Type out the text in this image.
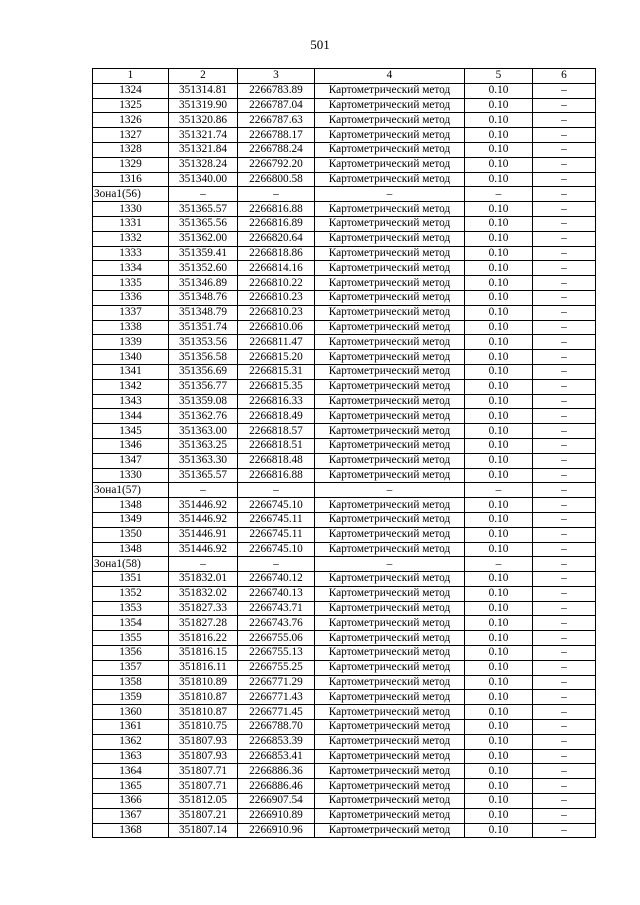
501
1	2	3	4	5	6
1324	351314.81	2266783.89	Картометрический метод	0.10	–
1325	351319.90	2266787.04	Картометрический метод	0.10	–
1326	351320.86	2266787.63	Картометрический метод	0.10	–
1327	351321.74	2266788.17	Картометрический метод	0.10	–
1328	351321.84	2266788.24	Картометрический метод	0.10	–
1329	351328.24	2266792.20	Картометрический метод	0.10	–
1316	351340.00	2266800.58	Картометрический метод	0.10	–
Зона1(56)	–	–	–	–	–
1330	351365.57	2266816.88	Картометрический метод	0.10	–
1331	351365.56	2266816.89	Картометрический метод	0.10	–
1332	351362.00	2266820.64	Картометрический метод	0.10	–
1333	351359.41	2266818.86	Картометрический метод	0.10	–
1334	351352.60	2266814.16	Картометрический метод	0.10	–
1335	351346.89	2266810.22	Картометрический метод	0.10	–
1336	351348.76	2266810.23	Картометрический метод	0.10	–
1337	351348.79	2266810.23	Картометрический метод	0.10	–
1338	351351.74	2266810.06	Картометрический метод	0.10	–
1339	351353.56	2266811.47	Картометрический метод	0.10	–
1340	351356.58	2266815.20	Картометрический метод	0.10	–
1341	351356.69	2266815.31	Картометрический метод	0.10	–
1342	351356.77	2266815.35	Картометрический метод	0.10	–
1343	351359.08	2266816.33	Картометрический метод	0.10	–
1344	351362.76	2266818.49	Картометрический метод	0.10	–
1345	351363.00	2266818.57	Картометрический метод	0.10	–
1346	351363.25	2266818.51	Картометрический метод	0.10	–
1347	351363.30	2266818.48	Картометрический метод	0.10	–
1330	351365.57	2266816.88	Картометрический метод	0.10	–
Зона1(57)	–	–	–	–	–
1348	351446.92	2266745.10	Картометрический метод	0.10	–
1349	351446.92	2266745.11	Картометрический метод	0.10	–
1350	351446.91	2266745.11	Картометрический метод	0.10	–
1348	351446.92	2266745.10	Картометрический метод	0.10	–
Зона1(58)	–	–	–	–	–
1351	351832.01	2266740.12	Картометрический метод	0.10	–
1352	351832.02	2266740.13	Картометрический метод	0.10	–
1353	351827.33	2266743.71	Картометрический метод	0.10	–
1354	351827.28	2266743.76	Картометрический метод	0.10	–
1355	351816.22	2266755.06	Картометрический метод	0.10	–
1356	351816.15	2266755.13	Картометрический метод	0.10	–
1357	351816.11	2266755.25	Картометрический метод	0.10	–
1358	351810.89	2266771.29	Картометрический метод	0.10	–
1359	351810.87	2266771.43	Картометрический метод	0.10	–
1360	351810.87	2266771.45	Картометрический метод	0.10	–
1361	351810.75	2266788.70	Картометрический метод	0.10	–
1362	351807.93	2266853.39	Картометрический метод	0.10	–
1363	351807.93	2266853.41	Картометрический метод	0.10	–
1364	351807.71	2266886.36	Картометрический метод	0.10	–
1365	351807.71	2266886.46	Картометрический метод	0.10	–
1366	351812.05	2266907.54	Картометрический метод	0.10	–
1367	351807.21	2266910.89	Картометрический метод	0.10	–
1368	351807.14	2266910.96	Картометрический метод	0.10	–
